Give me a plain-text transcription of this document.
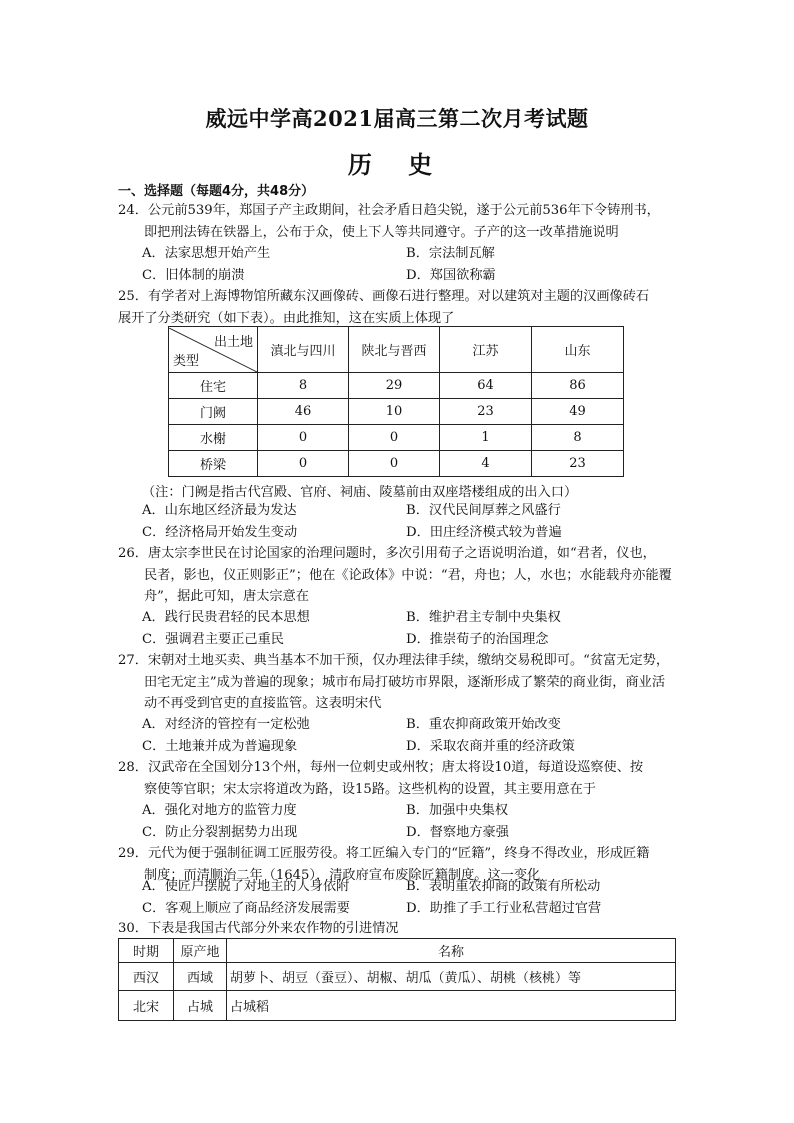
威远中学高2021届高三第二次月考试题
历 史
一、选择题（每题4分，共48分）
24．公元前539年，郑国子产主政期间，社会矛盾日趋尖锐，遂于公元前536年下令铸刑书，
即把刑法铸在铁器上，公布于众，使上下人等共同遵守。子产的这一改革措施说明
A．法家思想开始产生	B．宗法制瓦解
C．旧体制的崩溃	D．郑国欲称霸
25．有学者对上海博物馆所藏东汉画像砖、画像石进行整理。对以建筑对主题的汉画像砖石
展开了分类研究（如下表）。由此推知，这在实质上体现了
出土地
类型	滇北与四川	陕北与晋西	江苏	山东
住宅	8	29	64	86
门阙	46	10	23	49
水榭	0	0	1	8
桥梁	0	0	4	23
（注：门阙是指古代宫殿、官府、祠庙、陵墓前由双座塔楼组成的出入口）
A．山东地区经济最为发达	B．汉代民间厚葬之风盛行
C．经济格局开始发生变动	D．田庄经济模式较为普遍
26．唐太宗李世民在讨论国家的治理问题时，多次引用荀子之语说明治道，如“君者，仪也，
民者，影也，仪正则影正”；他在《论政体》中说：“君，舟也；人，水也；水能载舟亦能覆舟”，据此可知，唐太宗意在
A．践行民贵君轻的民本思想	B．维护君主专制中央集权
C．强调君主要正己重民	D．推崇荀子的治国理念
27．宋朝对土地买卖、典当基本不加干预，仅办理法律手续，缴纳交易税即可。“贫富无定势，
田宅无定主”成为普遍的现象；城市布局打破坊市界限，逐渐形成了繁荣的商业街，商业活动不再受到官吏的直接监管。这表明宋代
A．对经济的管控有一定松弛	B．重农抑商政策开始改变
C．土地兼并成为普遍现象	D．采取农商并重的经济政策
28．汉武帝在全国划分13个州，每州一位刺史或州牧；唐太将设10道，每道设巡察使、按
察使等官职；宋太宗将道改为路，设15路。这些机构的设置，其主要用意在于
A．强化对地方的监管力度	B．加强中央集权
C．防止分裂割据势力出现	D．督察地方豪强
29．元代为便于强制征调工匠服劳役。将工匠编入专门的“匠籍”，终身不得改业，形成匠籍
制度；而清顺治二年（1645），清政府宣布废除匠籍制度。这一变化
A．使匠户摆脱了对地主的人身依附	B．表明重农抑商的政策有所松动
C．客观上顺应了商品经济发展需要	D．助推了手工行业私营超过官营
30．下表是我国古代部分外来农作物的引进情况
时期	原产地	名称
西汉	西域	胡萝卜、胡豆（蚕豆）、胡椒、胡瓜（黄瓜）、胡桃（核桃）等
北宋	占城	占城稻
